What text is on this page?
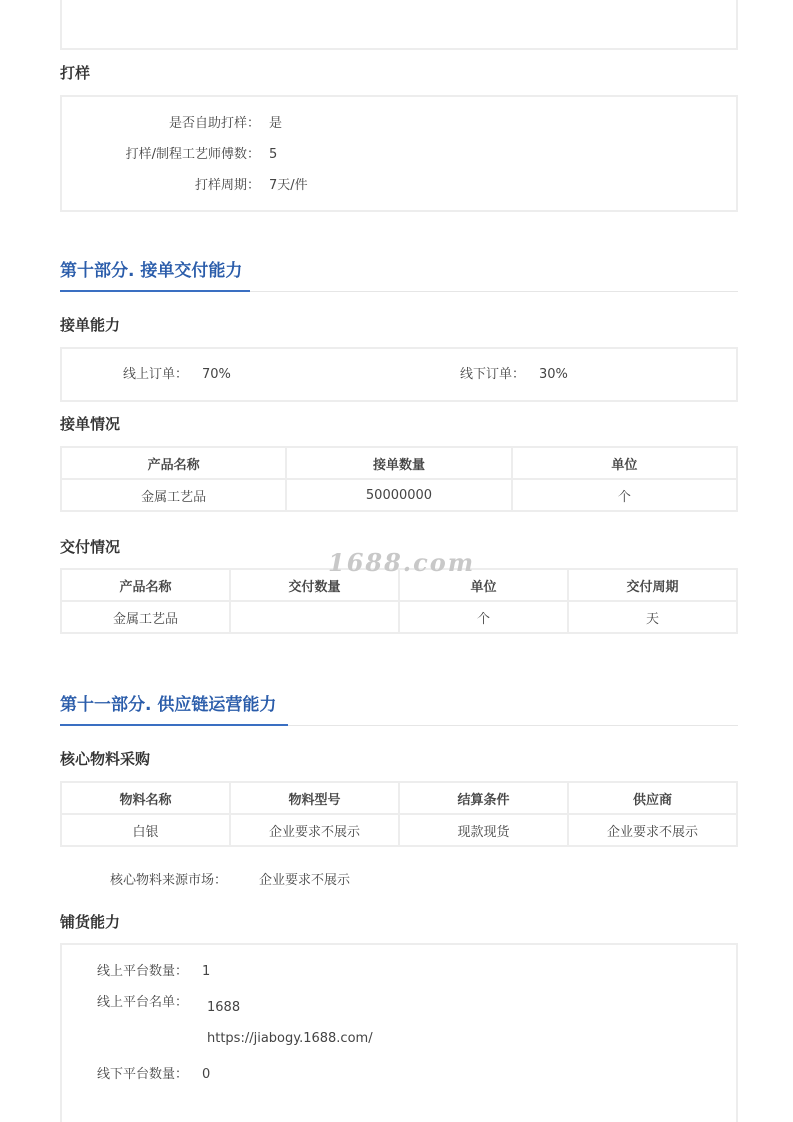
打样
是否自助打样： 是
打样/制程工艺师傅数： 5
打样周期： 7天/件
第十部分. 接单交付能力
接单能力
线上订单： 70%	线下订单： 30%
接单情况
产品名称	接单数量	单位
金属工艺品	50000000	个
交付情况
产品名称	交付数量	单位	交付周期
金属工艺品		个	天
1688.com
第十一部分. 供应链运营能力
核心物料采购
物料名称	物料型号	结算条件	供应商
白银	企业要求不展示	现款现货	企业要求不展示
核心物料来源市场： 企业要求不展示
铺货能力
线上平台数量： 1
线上平台名单： 1688
https://jiabogy.1688.com/
线下平台数量： 0
